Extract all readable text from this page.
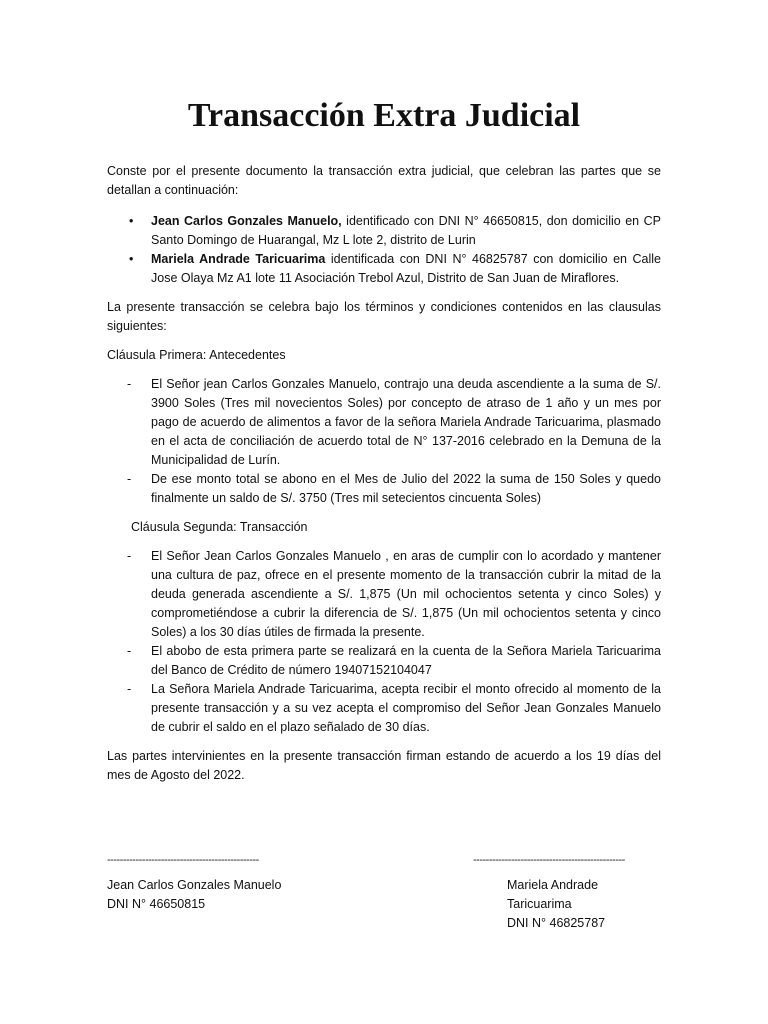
Transacción Extra Judicial

Conste por el presente documento la transacción extra judicial, que celebran las partes que se detallan a continuación:

• Jean Carlos Gonzales Manuelo, identificado con DNI N° 46650815, don domicilio en CP Santo Domingo de Huarangal, Mz L lote 2, distrito de Lurin
• Mariela Andrade Taricuarima identificada con DNI N° 46825787 con domicilio en Calle Jose Olaya Mz A1 lote 11 Asociación Trebol Azul, Distrito de San Juan de Miraflores.

La presente transacción se celebra bajo los términos y condiciones contenidos en las clausulas siguientes:

Cláusula Primera: Antecedentes

- El Señor jean Carlos Gonzales Manuelo, contrajo una deuda ascendiente a la suma de S/. 3900 Soles (Tres mil novecientos Soles) por concepto de atraso de 1 año y un mes por pago de acuerdo de alimentos a favor de la señora Mariela Andrade Taricuarima, plasmado en el acta de conciliación de acuerdo total de N° 137-2016 celebrado en la Demuna de la Municipalidad de Lurín.
- De ese monto total se abono en el Mes de Julio del 2022 la suma de 150 Soles y quedo finalmente un saldo de S/. 3750 (Tres mil setecientos cincuenta Soles)

Cláusula Segunda: Transacción

- El Señor Jean Carlos Gonzales Manuelo , en aras de cumplir con lo acordado y mantener una cultura de paz, ofrece en el presente momento de la transacción cubrir la mitad de la deuda generada ascendiente a S/. 1,875 (Un mil ochocientos setenta y cinco Soles) y comprometiéndose a cubrir la diferencia de S/. 1,875 (Un mil ochocientos setenta y cinco Soles) a los 30 días útiles de firmada la presente.
- El abobo de esta primera parte se realizará en la cuenta de la Señora Mariela Taricuarima del Banco de Crédito de número 19407152104047
- La Señora Mariela Andrade Taricuarima, acepta recibir el monto ofrecido al momento de la presente transacción y a su vez acepta el compromiso del Señor Jean Gonzales Manuelo de cubrir el saldo en el plazo señalado de 30 días.

Las partes intervinientes en la presente transacción firman estando de acuerdo a los 19 días del mes de Agosto del 2022.

------------------------------------------------
Jean Carlos Gonzales Manuelo
DNI N° 46650815
------------------------------------------------
Mariela Andrade Taricuarima
DNI N° 46825787
